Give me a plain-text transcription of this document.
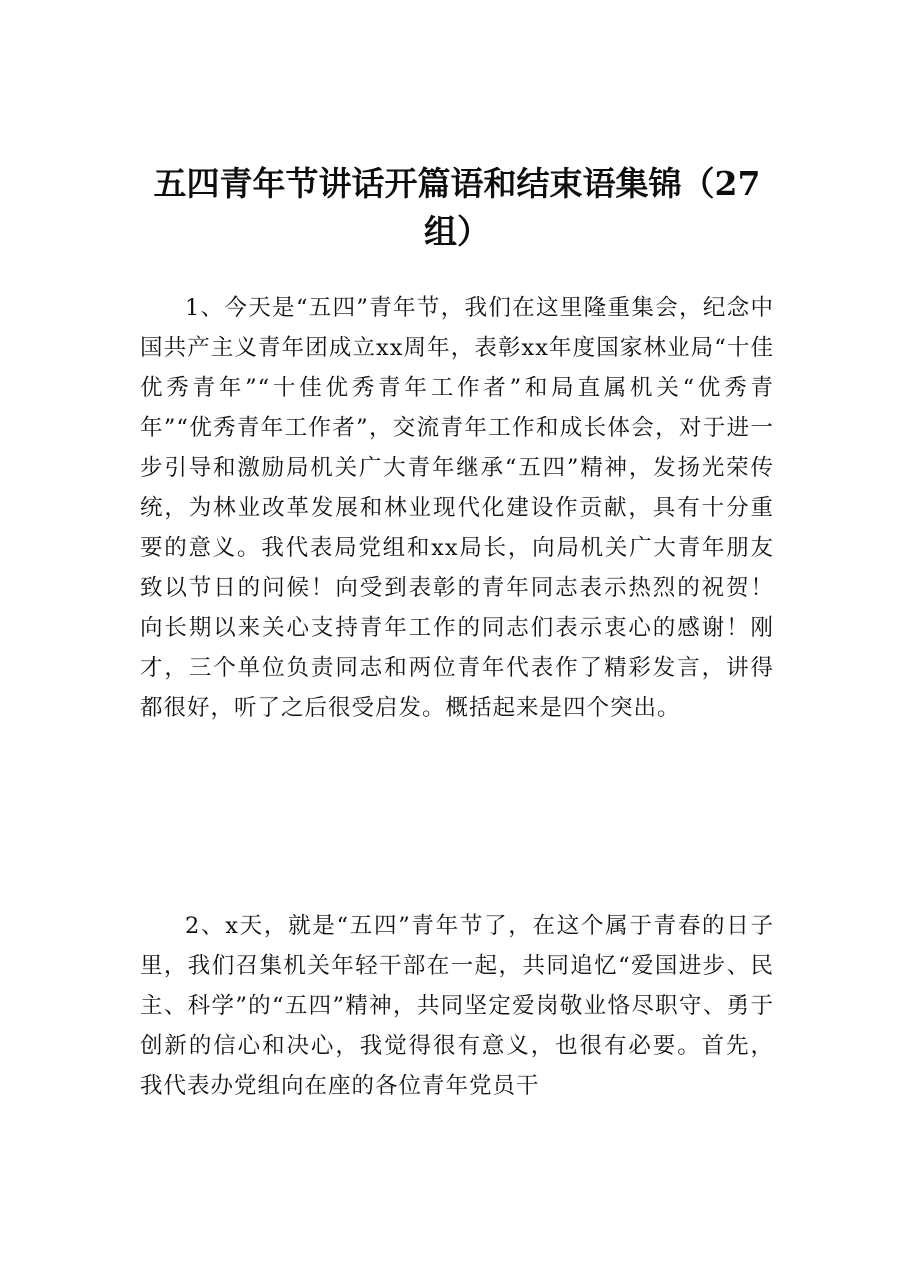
五四青年节讲话开篇语和结束语集锦（27组）

1、今天是“五四”青年节，我们在这里隆重集会，纪念中国共产主义青年团成立xx周年，表彰xx年度国家林业局“十佳优秀青年”“十佳优秀青年工作者”和局直属机关“优秀青年”“优秀青年工作者”，交流青年工作和成长体会，对于进一步引导和激励局机关广大青年继承“五四”精神，发扬光荣传统，为林业改革发展和林业现代化建设作贡献，具有十分重要的意义。我代表局党组和xx局长，向局机关广大青年朋友致以节日的问候！向受到表彰的青年同志表示热烈的祝贺！向长期以来关心支持青年工作的同志们表示衷心的感谢！刚才，三个单位负责同志和两位青年代表作了精彩发言，讲得都很好，听了之后很受启发。概括起来是四个突出。

2、x天，就是“五四”青年节了，在这个属于青春的日子里，我们召集机关年轻干部在一起，共同追忆“爱国进步、民主、科学”的“五四”精神，共同坚定爱岗敬业恪尽职守、勇于创新的信心和决心，我觉得很有意义，也很有必要。首先，我代表办党组向在座的各位青年党员干
